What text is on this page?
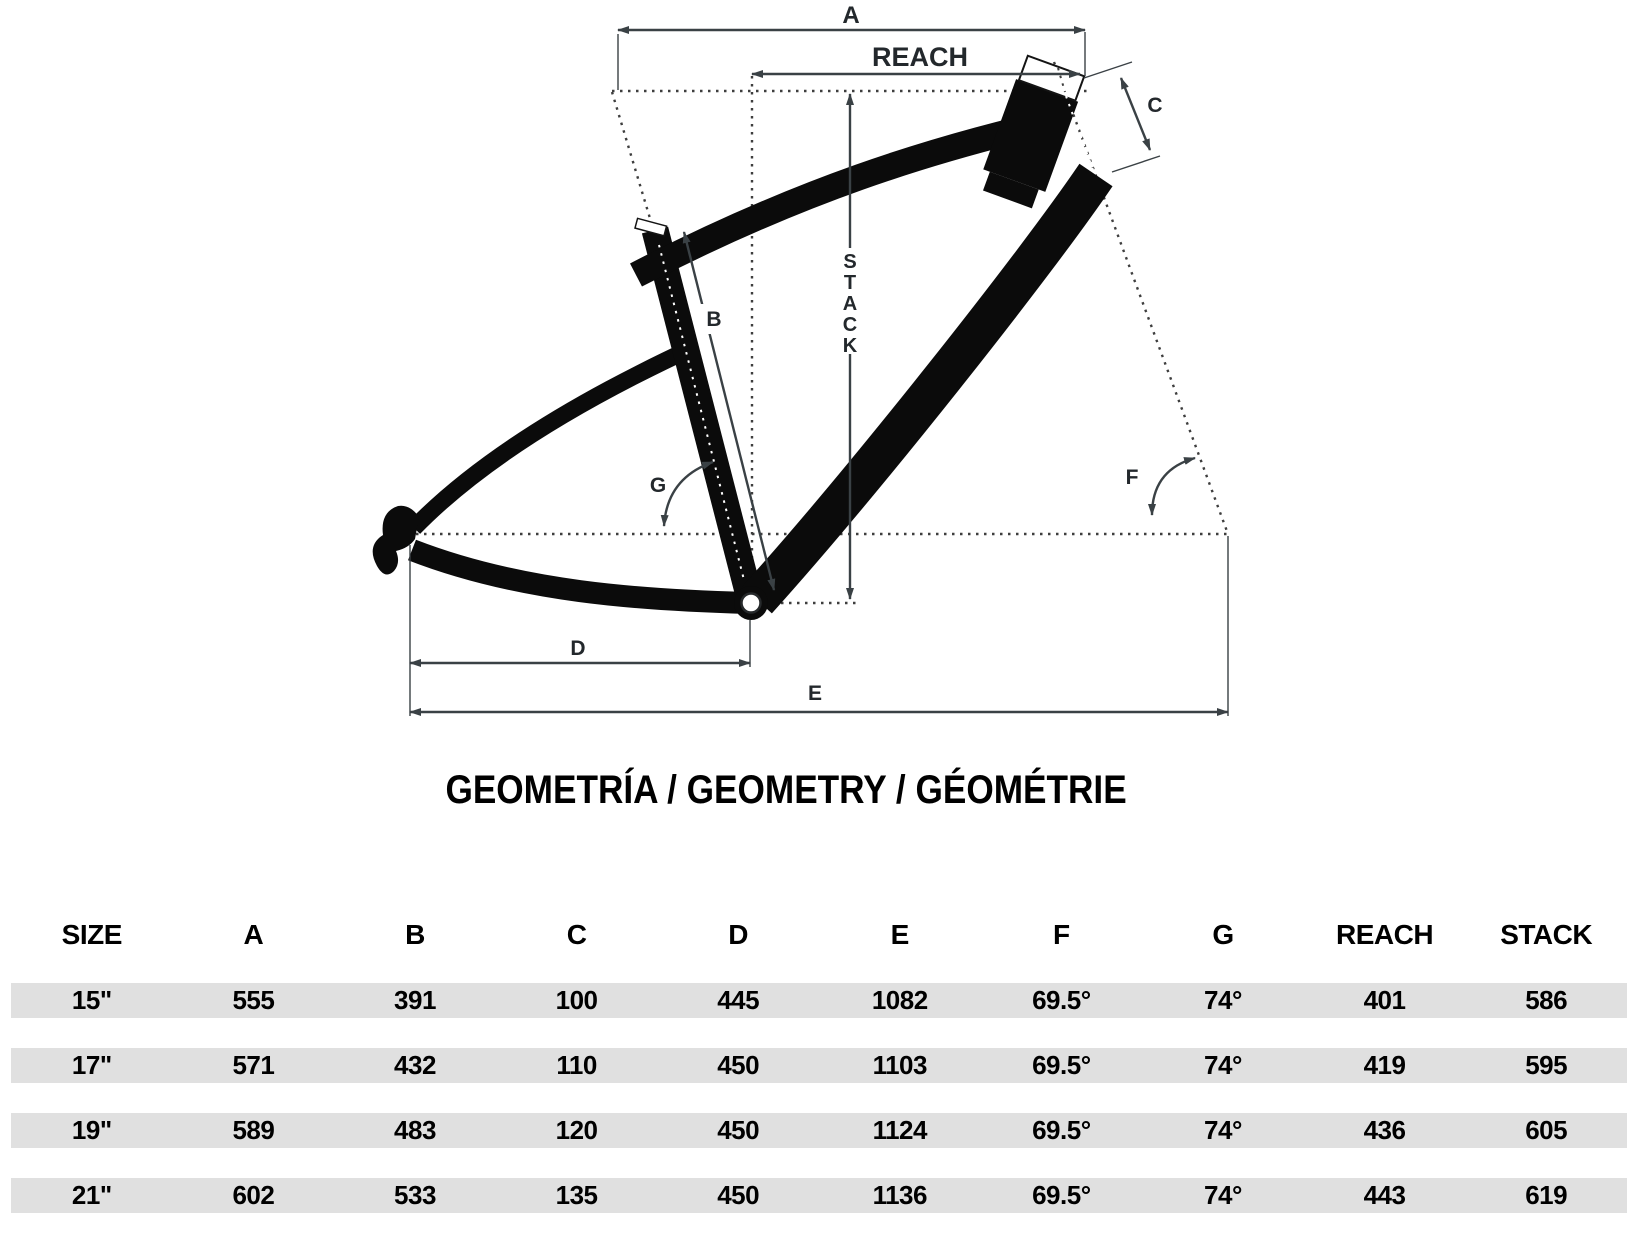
A
REACH
C
B
S
T
A
C
K
G	F
D
E
GEOMETRÍA / GEOMETRY / GÉOMÉTRIE
SIZE	A	B	C	D	E	F	G	REACH	STACK
15"	555	391	100	445	1082	69.5°	74°	401	586
17"	571	432	110	450	1103	69.5°	74°	419	595
19"	589	483	120	450	1124	69.5°	74°	436	605
21"	602	533	135	450	1136	69.5°	74°	443	619
